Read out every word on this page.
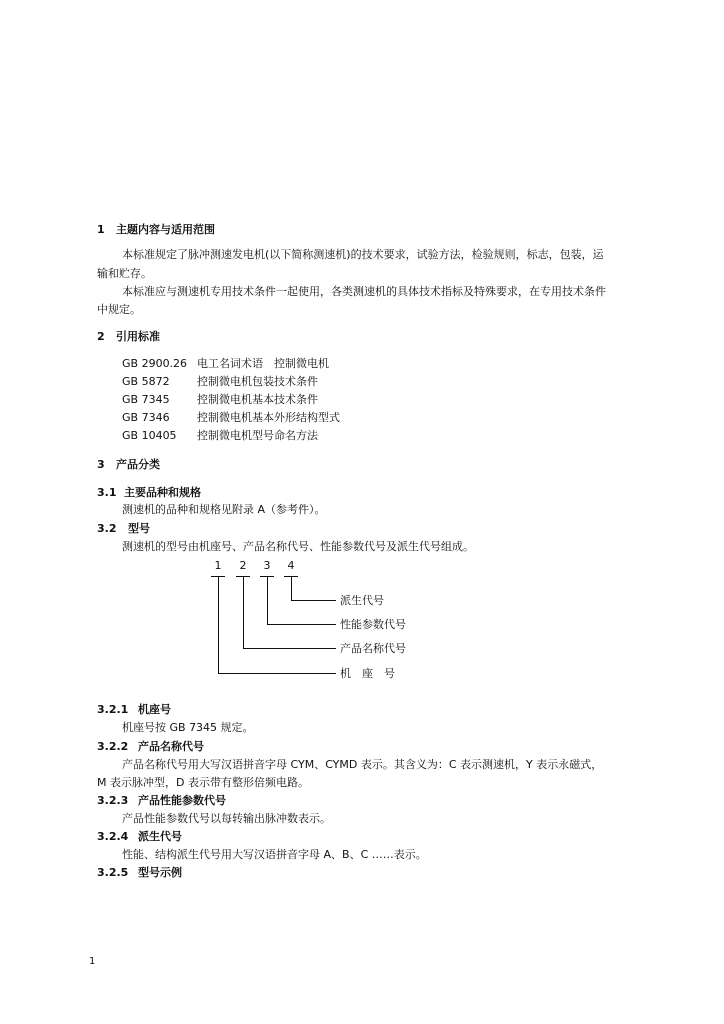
1 主题内容与适用范围
本标准规定了脉冲测速发电机(以下简称测速机)的技术要求，试验方法，检验规则，标志，包装，运
输和贮存。
本标准应与测速机专用技术条件一起使用，各类测速机的具体技术指标及特殊要求，在专用技术条件
中规定。
2 引用标准
GB 2900.26 电工名词术语　控制微电机
GB 5872 控制微电机包装技术条件
GB 7345 控制微电机基本技术条件
GB 7346 控制微电机基本外形结构型式
GB 10405 控制微电机型号命名方法
3 产品分类
3.1 主要品种和规格
测速机的品种和规格见附录 A（参考件）。
3.2	型号
测速机的型号由机座号、产品名称代号、性能参数代号及派生代号组成。
1	2	3	4
派生代号
性能参数代号
产品名称代号
机　座　号
3.2.1 机座号
机座号按 GB 7345 规定。
3.2.2 产品名称代号
产品名称代号用大写汉语拼音字母 CYM、CYMD 表示。其含义为：C 表示测速机，Y 表示永磁式，
M 表示脉冲型，D 表示带有整形倍频电路。
3.2.3 产品性能参数代号
产品性能参数代号以每转输出脉冲数表示。
3.2.4 派生代号
性能、结构派生代号用大写汉语拼音字母 A、B、C ……表示。
3.2.5 型号示例
1
